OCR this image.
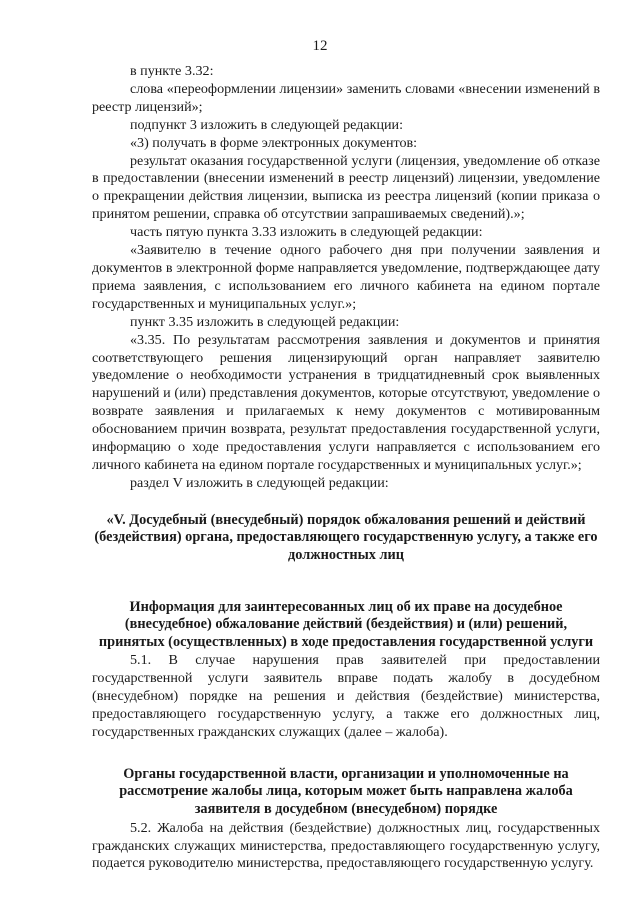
12

в пункте 3.32:

слова «переоформлении лицензии» заменить словами «внесении изменений в реестр лицензий»;

подпункт 3 изложить в следующей редакции:

«3) получать в форме электронных документов:

результат оказания государственной услуги (лицензия, уведомление об отказе в предоставлении (внесении изменений в реестр лицензий) лицензии, уведомление о прекращении действия лицензии, выписка из реестра лицензий (копии приказа о принятом решении, справка об отсутствии запрашиваемых сведений).»;

часть пятую пункта 3.33 изложить в следующей редакции:

«Заявителю в течение одного рабочего дня при получении заявления и документов в электронной форме направляется уведомление, подтверждающее дату приема заявления, с использованием его личного кабинета на едином портале государственных и муниципальных услуг.»;

пункт 3.35 изложить в следующей редакции:

«3.35. По результатам рассмотрения заявления и документов и принятия соответствующего решения лицензирующий орган направляет заявителю уведомление о необходимости устранения в тридцатидневный срок выявленных нарушений и (или) представления документов, которые отсутствуют, уведомление о возврате заявления и прилагаемых к нему документов с мотивированным обоснованием причин возврата, результат предоставления государственной услуги, информацию о ходе предоставления услуги направляется с использованием его личного кабинета на едином портале государственных и муниципальных услуг.»;

раздел V изложить в следующей редакции:

«V. Досудебный (внесудебный) порядок обжалования решений и действий (бездействия) органа, предоставляющего государственную услугу, а также его должностных лиц
Информация для заинтересованных лиц об их праве на досудебное (внесудебное) обжалование действий (бездействия) и (или) решений, принятых (осуществленных) в ходе предоставления государственной услуги

5.1. В случае нарушения прав заявителей при предоставлении государственной услуги заявитель вправе подать жалобу в досудебном (внесудебном) порядке на решения и действия (бездействие) министерства, предоставляющего государственную услугу, а также его должностных лиц, государственных гражданских служащих (далее – жалоба).

Органы государственной власти, организации и уполномоченные на рассмотрение жалобы лица, которым может быть направлена жалоба заявителя в досудебном (внесудебном) порядке

5.2. Жалоба на действия (бездействие) должностных лиц, государственных гражданских служащих министерства, предоставляющего государственную услугу, подается руководителю министерства, предоставляющего государственную услугу.
